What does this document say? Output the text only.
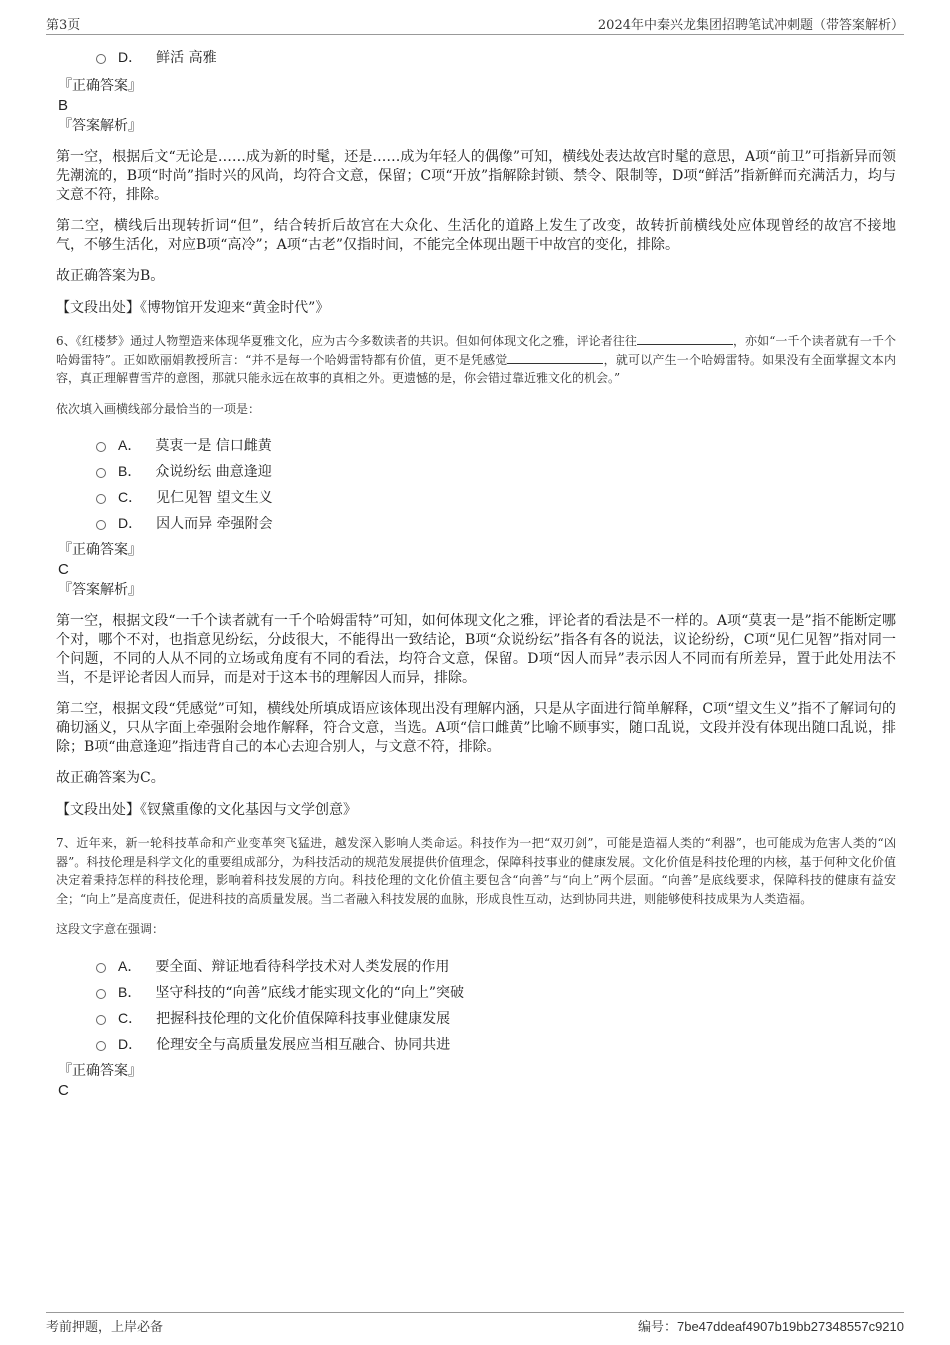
第3页	2024年中秦兴龙集团招聘笔试冲刺题（带答案解析）
D． 鲜活 高雅
『正确答案』
B
『答案解析』

第一空，根据后文“无论是……成为新的时髦，还是……成为年轻人的偶像”可知，横线处表达故宫时髦的意思，A项“前卫”可指新异而领先潮流的，B项“时尚”指时兴的风尚，均符合文意，保留；C项“开放”指解除封锁、禁令、限制等，D项“鲜活”指新鲜而充满活力，均与文意不符，排除。

第二空，横线后出现转折词“但”，结合转折后故宫在大众化、生活化的道路上发生了改变，故转折前横线处应体现曾经的故宫不接地气，不够生活化，对应B项“高冷”；A项“古老”仅指时间，不能完全体现出题干中故宫的变化，排除。

故正确答案为B。

【文段出处】《博物馆开发迎来“黄金时代”》

6、《红楼梦》通过人物塑造来体现华夏雅文化，应为古今多数读者的共识。但如何体现文化之雅，评论者往往	，亦如“一千个读者就有一千个哈姆雷特”。正如欧丽娟教授所言：“并不是每一个哈姆雷特都有价值，更不是凭感觉	，就可以产生一个哈姆雷特。如果没有全面掌握文本内容，真正理解曹雪芹的意图，那就只能永远在故事的真相之外。更遗憾的是，你会错过靠近雅文化的机会。”

依次填入画横线部分最恰当的一项是：

A． 莫衷一是 信口雌黄
B． 众说纷纭 曲意逢迎
C． 见仁见智 望文生义
D． 因人而异 牵强附会
『正确答案』
C
『答案解析』

第一空，根据文段“一千个读者就有一千个哈姆雷特”可知，如何体现文化之雅，评论者的看法是不一样的。A项“莫衷一是”指不能断定哪个对，哪个不对，也指意见纷纭，分歧很大，不能得出一致结论，B项“众说纷纭”指各有各的说法，议论纷纷，C项“见仁见智”指对同一个问题，不同的人从不同的立场或角度有不同的看法，均符合文意，保留。D项“因人而异”表示因人不同而有所差异，置于此处用法不当，不是评论者因人而异，而是对于这本书的理解因人而异，排除。

第二空，根据文段“凭感觉”可知，横线处所填成语应该体现出没有理解内涵，只是从字面进行简单解释，C项“望文生义”指不了解词句的确切涵义，只从字面上牵强附会地作解释，符合文意，当选。A项“信口雌黄”比喻不顾事实，随口乱说，文段并没有体现出随口乱说，排除；B项“曲意逢迎”指违背自己的本心去迎合别人，与文意不符，排除。

故正确答案为C。

【文段出处】《钗黛重像的文化基因与文学创意》

7、近年来，新一轮科技革命和产业变革突飞猛进，越发深入影响人类命运。科技作为一把“双刃剑”，可能是造福人类的“利器”，也可能成为危害人类的“凶器”。科技伦理是科学文化的重要组成部分，为科技活动的规范发展提供价值理念，保障科技事业的健康发展。文化价值是科技伦理的内核，基于何种文化价值决定着秉持怎样的科技伦理，影响着科技发展的方向。科技伦理的文化价值主要包含“向善”与“向上”两个层面。“向善”是底线要求，保障科技的健康有益安全；“向上”是高度责任，促进科技的高质量发展。当二者融入科技发展的血脉，形成良性互动，达到协同共进，则能够使科技成果为人类造福。

这段文字意在强调：

A． 要全面、辩证地看待科学技术对人类发展的作用
B． 坚守科技的“向善”底线才能实现文化的“向上”突破
C． 把握科技伦理的文化价值保障科技事业健康发展
D． 伦理安全与高质量发展应当相互融合、协同共进
『正确答案』
C
考前押题，上岸必备	编号：7be47ddeaf4907b19bb27348557c9210
